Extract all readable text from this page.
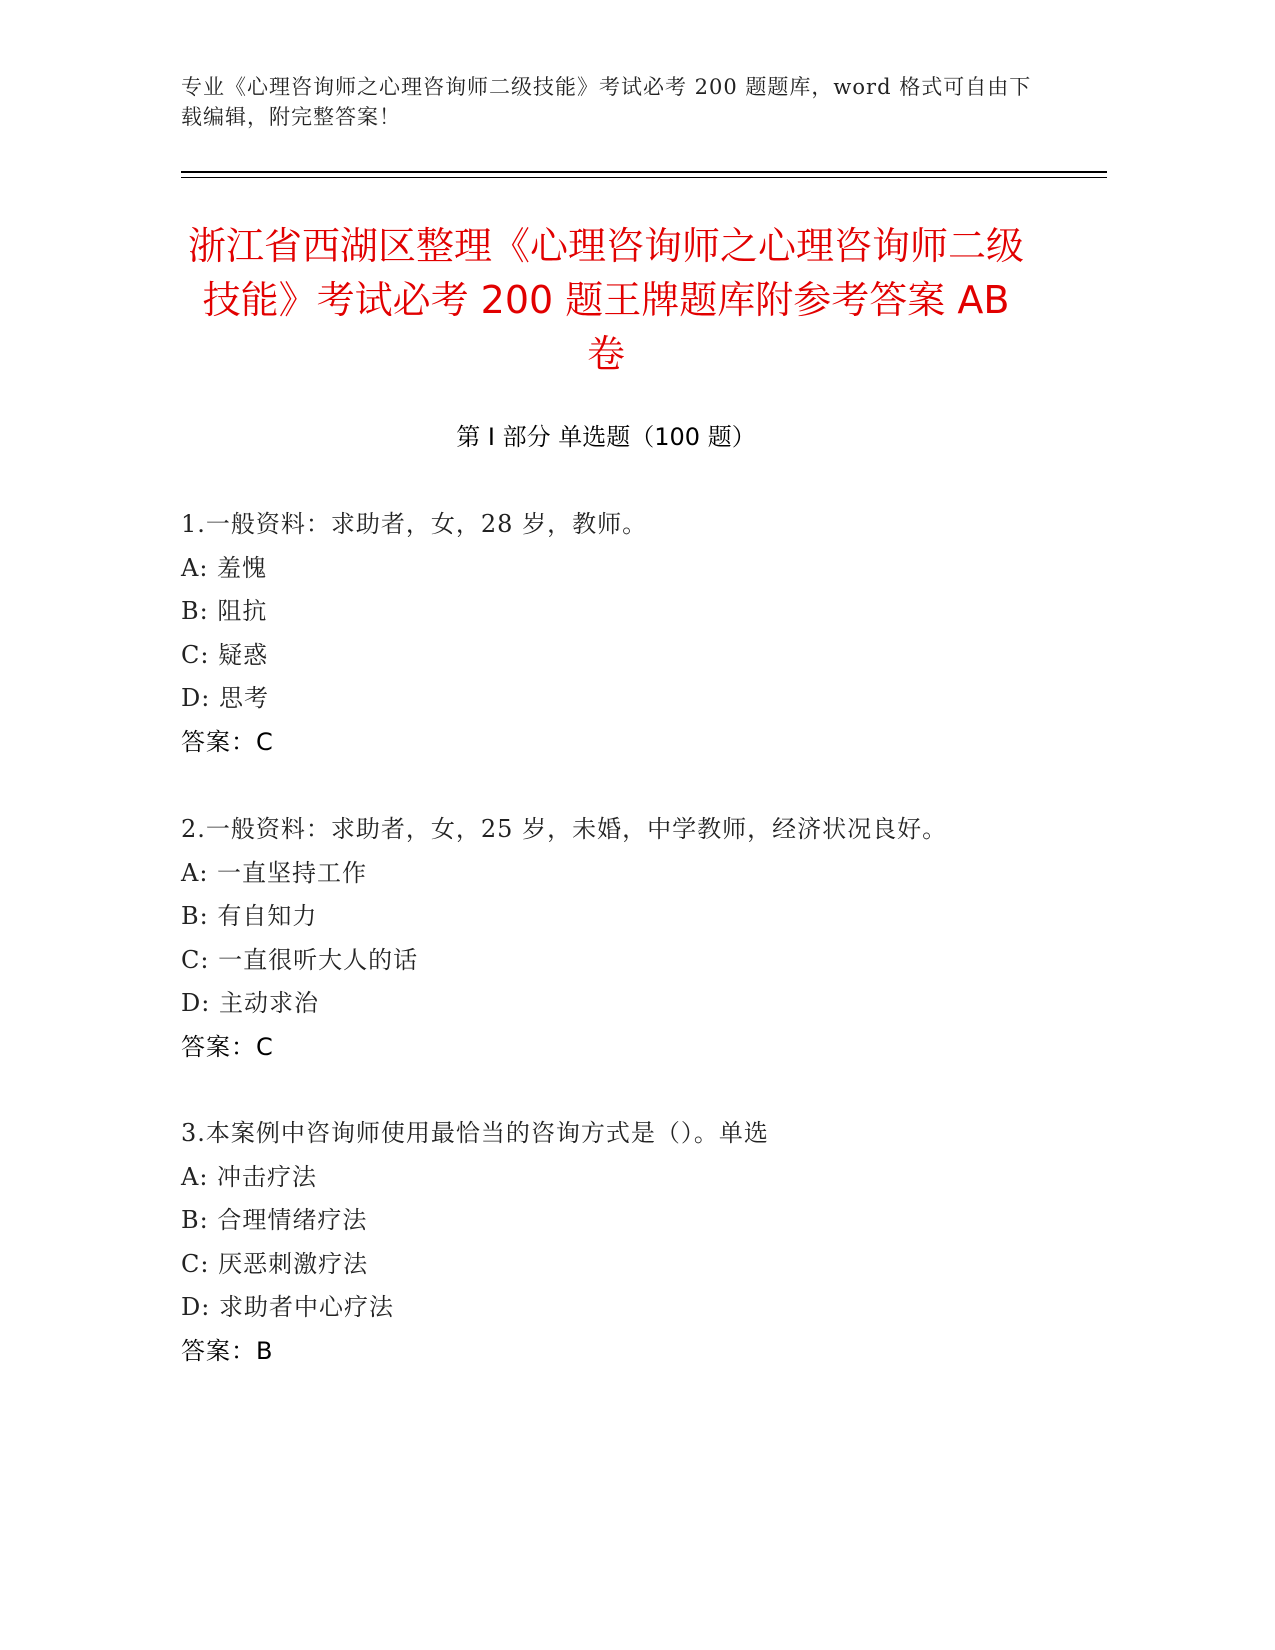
专业《心理咨询师之心理咨询师二级技能》考试必考 200 题题库，word 格式可自由下载编辑，附完整答案！
浙江省西湖区整理《心理咨询师之心理咨询师二级技能》考试必考 200 题王牌题库附参考答案 AB 卷
第 I 部分 单选题（100 题）
1.一般资料：求助者，女，28 岁，教师。
A: 羞愧
B: 阻抗
C: 疑惑
D: 思考
答案：C
2.一般资料：求助者，女，25 岁，未婚，中学教师，经济状况良好。
A: 一直坚持工作
B: 有自知力
C: 一直很听大人的话
D: 主动求治
答案：C
3.本案例中咨询师使用最恰当的咨询方式是（）。单选
A: 冲击疗法
B: 合理情绪疗法
C: 厌恶刺激疗法
D: 求助者中心疗法
答案：B
